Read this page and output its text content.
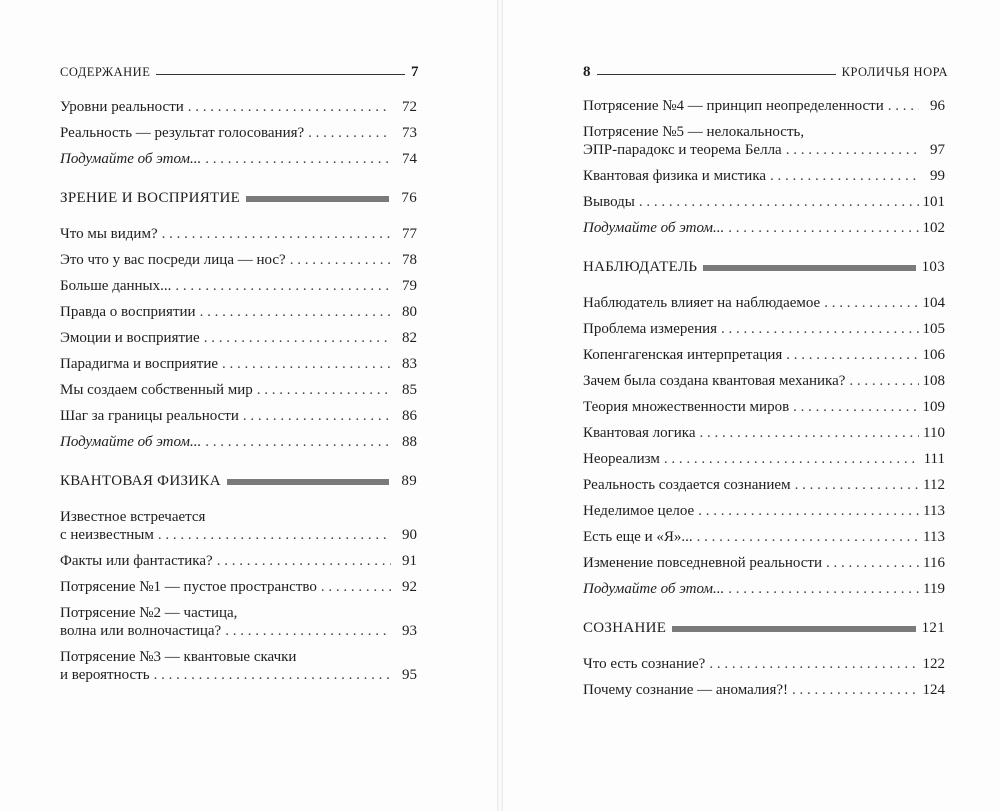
СОДЕРЖАНИЕ	7
Уровни реальности . . .	72
Реальность — результат голосования? . . .	73
Подумайте об этом... . . .	74
ЗРЕНИЕ И ВОСПРИЯТИЕ	76
Что мы видим? . . .	77
Это что у вас посреди лица — нос? . . .	78
Больше данных... . . .	79
Правда о восприятии . . .	80
Эмоции и восприятие . . .	82
Парадигма и восприятие . . .	83
Мы создаем собственный мир . . .	85
Шаг за границы реальности . . .	86
Подумайте об этом... . . .	88
КВАНТОВАЯ ФИЗИКА	89
Известное встречается
с неизвестным . . .	90
Факты или фантастика? . . .	91
Потрясение №1 — пустое пространство . . .	92
Потрясение №2 — частица,
волна или волночастица? . . .	93
Потрясение №3 — квантовые скачки
и вероятность . . .	95
8	КРОЛИЧЬЯ НОРА
Потрясение №4 — принцип неопределенности . . .	96
Потрясение №5 — нелокальность,
ЭПР-парадокс и теорема Белла . . .	97
Квантовая физика и мистика . . .	99
Выводы . . .	101
Подумайте об этом... . . .	102
НАБЛЮДАТЕЛЬ	103
Наблюдатель влияет на наблюдаемое . . .	104
Проблема измерения . . .	105
Копенгагенская интерпретация . . .	106
Зачем была создана квантовая механика? . . .	108
Теория множественности миров . . .	109
Квантовая логика . . .	110
Неореализм . . .	111
Реальность создается сознанием . . .	112
Неделимое целое . . .	113
Есть еще и «Я»... . . .	113
Изменение повседневной реальности . . .	116
Подумайте об этом... . . .	119
СОЗНАНИЕ	121
Что есть сознание? . . .	122
Почему сознание — аномалия?! . . .	124
